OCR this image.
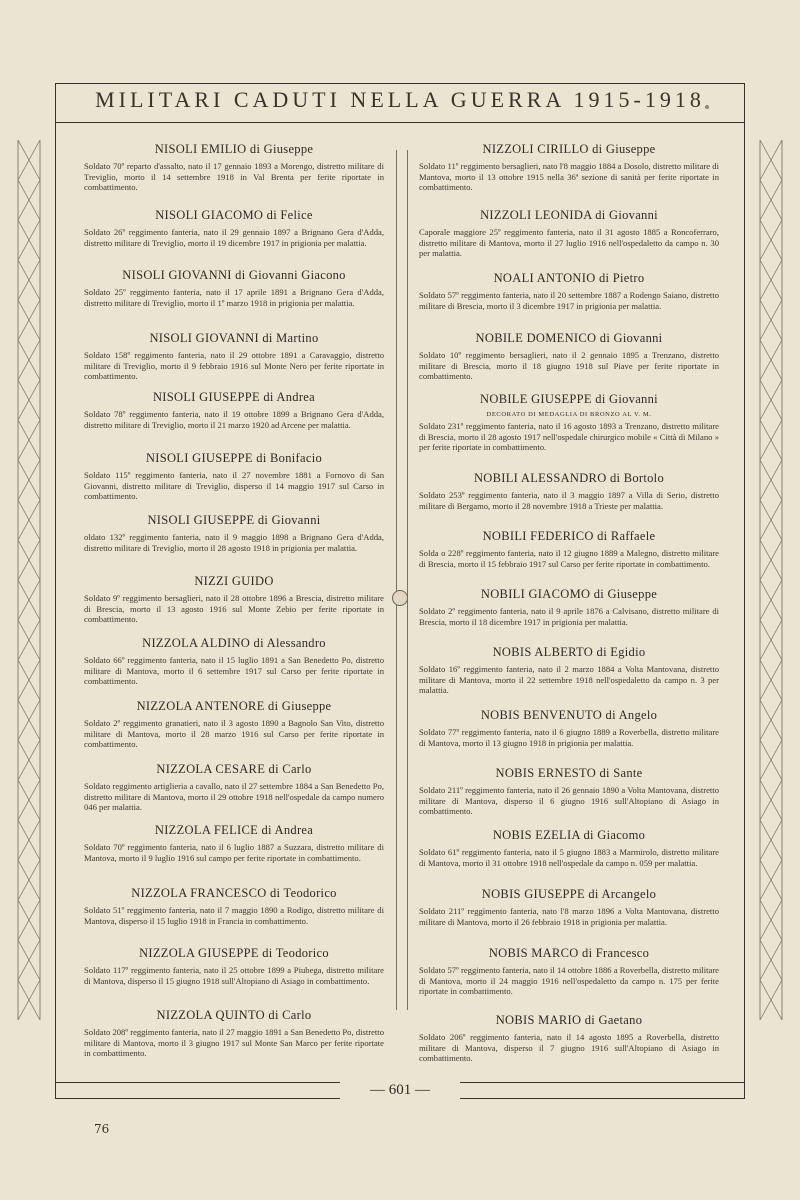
MILITARI CADUTI NELLA GUERRA 1915-1918
NISOLI EMILIO di Giuseppe

Soldato 70º reparto d'assalto, nato il 17 gennaio 1893 a Morengo, distretto militare di Treviglio, morto il 14 settembre 1918 in Val Brenta per ferite riportate in combattimento.

NISOLI GIACOMO di Felice

Soldato 26º reggimento fanteria, nato il 29 gennaio 1897 a Brignano Gera d'Adda, distretto militare di Treviglio, morto il 19 dicembre 1917 in prigionia per malattia.

NISOLI GIOVANNI di Giovanni Giacono

Soldato 25º reggimento fanteria, nato il 17 aprile 1891 a Brignano Gera d'Adda, distretto militare di Treviglio, morto il 1º marzo 1918 in prigionia per malattia.

NISOLI GIOVANNI di Martino

Soldato 158º reggimento fanteria, nato il 29 ottobre 1891 a Caravaggio, distretto militare di Treviglio, morto il 9 febbraio 1916 sul Monte Nero per ferite riportate in combattimento.

NISOLI GIUSEPPE di Andrea

Soldato 78º reggimento fanteria, nato il 19 ottobre 1899 a Brignano Gera d'Adda, distretto militare di Treviglio, morto il 21 marzo 1920 ad Arcene per malattia.

NISOLI GIUSEPPE di Bonifacio

Soldato 115º reggimento fanteria, nato il 27 novembre 1881 a Fornovo di San Giovanni, distretto militare di Treviglio, disperso il 14 maggio 1917 sul Carso in combattimento.

NISOLI GIUSEPPE di Giovanni

oldato 132º reggimento fanteria, nato il 9 maggio 1898 a Brignano Gera d'Adda, distretto militare di Treviglio, morto il 28 agosto 1918 in prigionia per malattia.

NIZZI GUIDO

Soldato 9º reggimento bersaglieri, nato il 28 ottobre 1896 a Brescia, distretto militare di Brescia, morto il 13 agosto 1916 sul Monte Zebio per ferite riportate in combattimento.

NIZZOLA ALDINO di Alessandro

Soldato 66º reggimento fanteria, nato il 15 luglio 1891 a San Benedetto Po, distretto militare di Mantova, morto il 6 settembre 1917 sul Carso per ferite riportate in combattimento.

NIZZOLA ANTENORE di Giuseppe

Soldato 2º reggimento granatieri, nato il 3 agosto 1890 a Bagnolo San Vito, distretto militare di Mantova, morto il 28 marzo 1916 sul Carso per ferite riportate in combattimento.

NIZZOLA CESARE di Carlo

Soldato reggimento artiglieria a cavallo, nato il 27 settembre 1884 a San Benedetto Po, distretto militare di Mantova, morto il 29 ottobre 1918 nell'ospedale da campo numero 046 per malattia.

NIZZOLA FELICE di Andrea

Soldato 70º reggimento fanteria, nato il 6 luglio 1887 a Suzzara, distretto militare di Mantova, morto il 9 luglio 1916 sul campo per ferite riportate in combattimento.

NIZZOLA FRANCESCO di Teodorico

Soldato 51º reggimento fanteria, nato il 7 maggio 1890 a Rodigo, distretto militare di Mantova, disperso il 15 luglio 1918 in Francia in combattimento.

NIZZOLA GIUSEPPE di Teodorico

Soldato 117º reggimento fanteria, nato il 25 ottobre 1899 a Piubega, distretto militare di Mantova, disperso il 15 giugno 1918 sull'Altopiano di Asiago in combattimento.

NIZZOLA QUINTO di Carlo

Soldato 208º reggimento fanteria, nato il 27 maggio 1891 a San Benedetto Po, distretto militare di Mantova, morto il 3 giugno 1917 sul Monte San Marco per ferite riportate in combattimento.

NIZZOLI CIRILLO di Giuseppe

Soldato 11º reggimento bersaglieri, nato l'8 maggio 1884 a Dosolo, distretto militare di Mantova, morto il 13 ottobre 1915 nella 36ª sezione di sanità per ferite riportate in combattimento.

NIZZOLI LEONIDA di Giovanni

Caporale maggiore 25º reggimento fanteria, nato il 31 agosto 1885 a Roncoferraro, distretto militare di Mantova, morto il 27 luglio 1916 nell'ospedaletto da campo n. 30 per malattia.

NOALI ANTONIO di Pietro

Soldato 57º reggimento fanteria, nato il 20 settembre 1887 a Rodengo Saiano, distretto militare di Brescia, morto il 3 dicembre 1917 in prigionia per malattia.

NOBILE DOMENICO di Giovanni

Soldato 10º reggimento bersaglieri, nato il 2 gennaio 1895 a Trenzano, distretto militare di Brescia, morto il 18 giugno 1918 sul Piave per ferite riportate in combattimento.

NOBILE GIUSEPPE di Giovanni
DECORATO DI MEDAGLIA DI BRONZO AL V. M.

Soldato 231º reggimento fanteria, nato il 16 agosto 1893 a Trenzano, distretto militare di Brescia, morto il 28 agosto 1917 nell'ospedale chirurgico mobile « Città di Milano » per ferite riportate in combattimento.

NOBILI ALESSANDRO di Bortolo

Soldato 253º reggimento fanteria, nato il 3 maggio 1897 a Villa di Serio, distretto militare di Bergamo, morto il 28 novembre 1918 a Trieste per malattia.

NOBILI FEDERICO di Raffaele

Solda o 228º reggimento fanteria, nato il 12 giugno 1889 a Malegno, distretto militare di Brescia, morto il 15 febbraio 1917 sul Carso per ferite riportate in combattimento.

NOBILI GIACOMO di Giuseppe

Soldato 2º reggimento fanteria, nato il 9 aprile 1876 a Calvisano, distretto militare di Brescia, morto il 18 dicembre 1917 in prigionia per malattia.

NOBIS ALBERTO di Egidio

Soldato 16º reggimento fanteria, nato il 2 marzo 1884 a Volta Mantovana, distretto militare di Mantova, morto il 22 settembre 1918 nell'ospedaletto da campo n. 3 per malattia.

NOBIS BENVENUTO di Angelo

Soldato 77º reggimento fanteria, nato il 6 giugno 1889 a Roverbella, distretto militare di Mantova, morto il 13 giugno 1918 in prigionia per malattia.

NOBIS ERNESTO di Sante

Soldato 211º reggimento fanteria, nato il 26 gennaio 1890 a Volta Mantovana, distretto militare di Mantova, disperso il 6 giugno 1916 sull'Altopiano di Asiago in combattimento.

NOBIS EZELIA di Giacomo

Soldato 61º reggimento fanteria, nato il 5 giugno 1883 a Marmirolo, distretto militare di Mantova, morto il 31 ottobre 1918 nell'ospedale da campo n. 059 per malattia.

NOBIS GIUSEPPE di Arcangelo

Soldato 211º reggimento fanteria, nato l'8 marzo 1896 a Volta Mantovana, distretto militare di Mantova, morto il 26 febbraio 1918 in prigionia per malattia.

NOBIS MARCO di Francesco

Soldato 57º reggimento fanteria, nato il 14 ottobre 1886 a Roverbella, distretto militare di Mantova, morto il 24 maggio 1916 nell'ospedaletto da campo n. 175 per ferite riportate in combattimento.

NOBIS MARIO di Gaetano

Soldato 206º reggimento fanteria, nato il 14 agosto 1895 a Roverbella, distretto militare di Mantova, disperso il 7 giugno 1916 sull'Altopiano di Asiago in combattimento.

— 601 —
76
